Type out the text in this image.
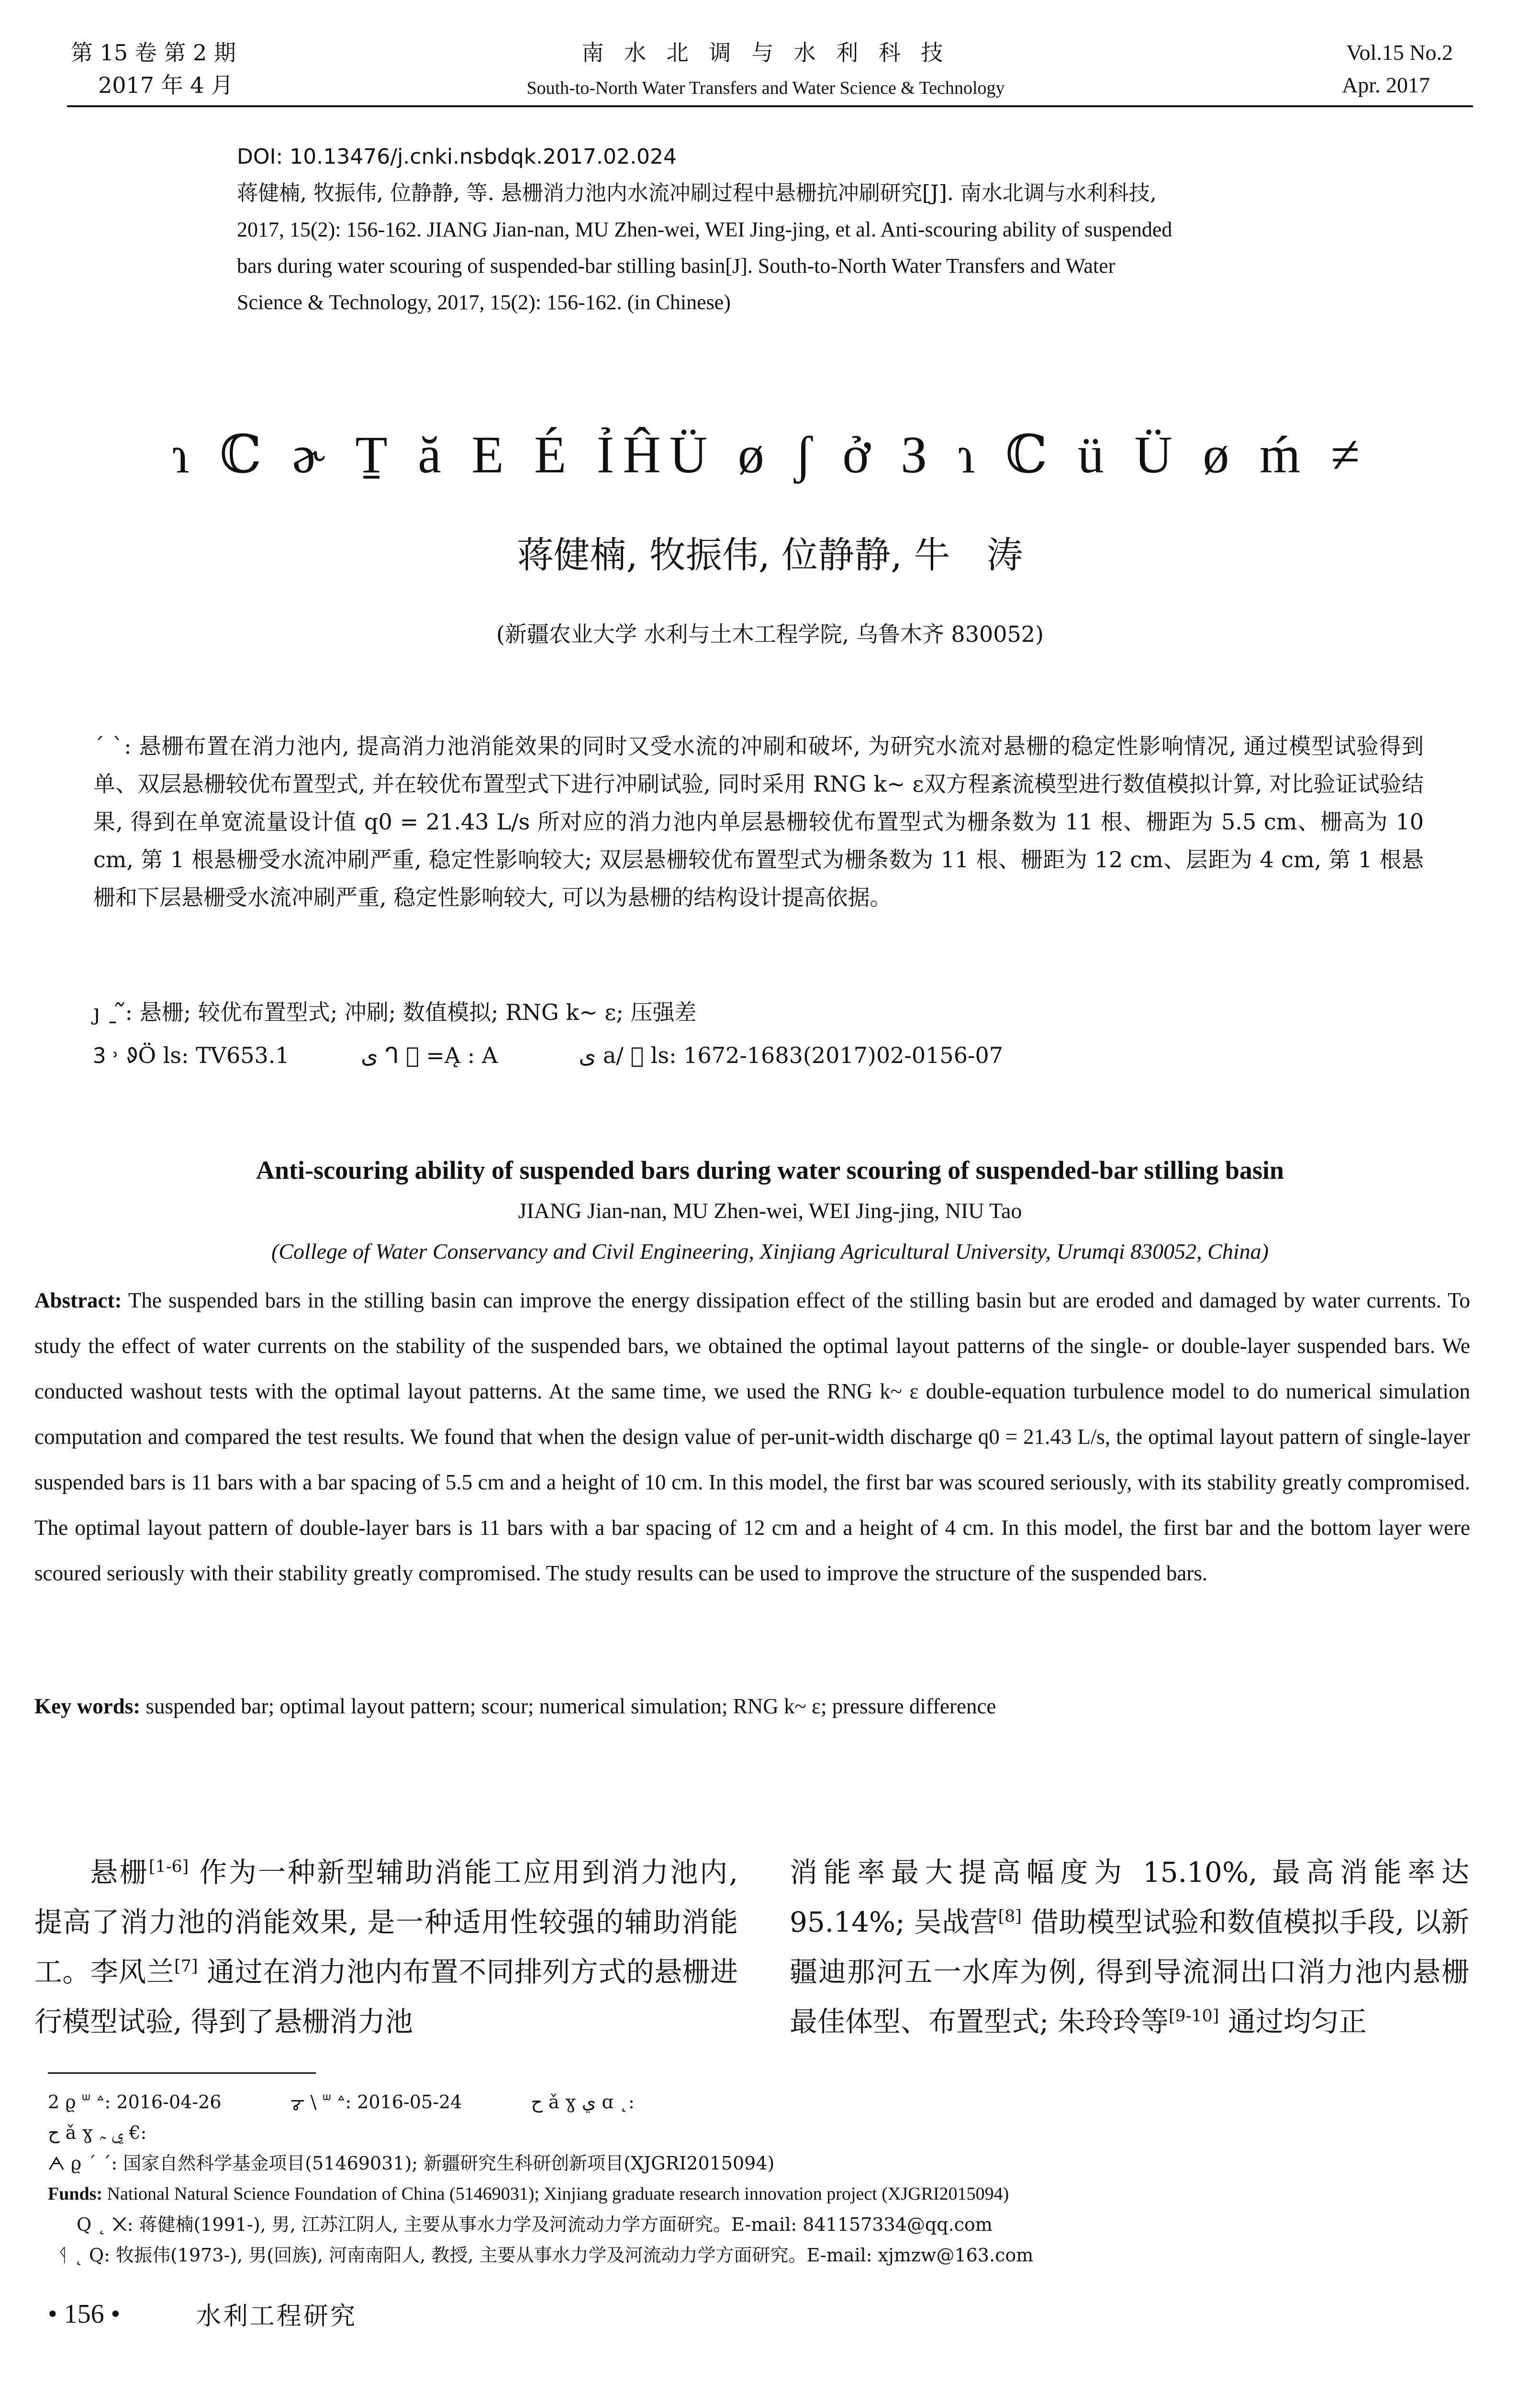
第 15 卷 第 2 期
2017 年 4 月
南 水 北 调 与 水 利 科 技
South-to-North Water Transfers and Water Science & Technology
Vol.15 No.2
Apr. 2017
DOI: 10.13476/j.cnki.nsbdqk.2017.02.024
蒋健楠, 牧振伟, 位静静, 等. 悬栅消力池内水流冲刷过程中悬栅抗冲刷研究[J]. 南水北调与水利科技,
2017, 15(2): 156-162. JIANG Jian-nan, MU Zhen-wei, WEI Jing-jing, et al. Anti-scouring ability of suspended
bars during water scouring of suspended-bar stilling basin[J]. South-to-North Water Transfers and Water
Science & Technology, 2017, 15(2): 156-162. (in Chinese)
ɿ ℂ ɚ Ṯ ă Ε É ỈĤÜ ø ʃ ở З ɿ ℂ ü Ü ø ḿ ≠
蒋健楠, 牧振伟, 位静静, 牛　涛
(新疆农业大学 水利与土木工程学院, 乌鲁木齐 830052)
ˊ ˋ: 悬栅布置在消力池内, 提高消力池消能效果的同时又受水流的冲刷和破坏, 为研究水流对悬栅的稳定性影响情况, 通过模型试验得到单、双层悬栅较优布置型式, 并在较优布置型式下进行冲刷试验, 同时采用 RNG k~ ε双方程紊流模型进行数值模拟计算, 对比验证试验结果, 得到在单宽流量设计值 q0 = 21.43 L/s 所对应的消力池内单层悬栅较优布置型式为栅条数为 11 根、栅距为 5.5 cm、栅高为 10 cm, 第 1 根悬栅受水流冲刷严重, 稳定性影响较大; 双层悬栅较优布置型式为栅条数为 11 根、栅距为 12 cm、层距为 4 cm, 第 1 根悬栅和下层悬栅受水流冲刷严重, 稳定性影响较大, 可以为悬栅的结构设计提高依据。
ȷ ˍ ᷉: 悬栅; 较优布置型式; 冲刷; 数值模拟; RNG k~ ε; 压强差
Ꝫ ˒ ᱽÖ ls: TV653.1	ى ᒉ ⃞ =Ą : A	ى a/ ⃞ ls: 1672-1683(2017)02-0156-07
Anti-scouring ability of suspended bars during water scouring of suspended-bar stilling basin
JIANG Jian-nan, MU Zhen-wei, WEI Jing-jing, NIU Tao
(College of Water Conservancy and Civil Engineering, Xinjiang Agricultural University, Urumqi 830052, China)
Abstract: The suspended bars in the stilling basin can improve the energy dissipation effect of the stilling basin but are eroded and damaged by water currents. To study the effect of water currents on the stability of the suspended bars, we obtained the optimal layout patterns of the single- or double-layer suspended bars. We conducted washout tests with the optimal layout patterns. At the same time, we used the RNG k~ ε double-equation turbulence model to do numerical simulation computation and compared the test results. We found that when the design value of per-unit-width discharge q0 = 21.43 L/s, the optimal layout pattern of single-layer suspended bars is 11 bars with a bar spacing of 5.5 cm and a height of 10 cm. In this model, the first bar was scoured seriously, with its stability greatly compromised. The optimal layout pattern of double-layer bars is 11 bars with a bar spacing of 12 cm and a height of 4 cm. In this model, the first bar and the bottom layer were scoured seriously with their stability greatly compromised. The study results can be used to improve the structure of the suspended bars.
Key words: suspended bar; optimal layout pattern; scour; numerical simulation; RNG k~ ε; pressure difference

悬栅[1-6] 作为一种新型辅助消能工应用到消力池内, 提高了消力池的消能效果, 是一种适用性较强的辅助消能工。李风兰[7] 通过在消力池内布置不同排列方式的悬栅进行模型试验, 得到了悬栅消力池

消能率最大提高幅度为 15.10%, 最高消能率达 95.14%; 吴战营[8] 借助模型试验和数值模拟手段, 以新疆迪那河五一水库为例, 得到导流洞出口消力池内悬栅最佳体型、布置型式; 朱玲玲等[9-10] 通过均匀正

2 ϱ ᐜ ᐞ: 2016-04-26	ᡒ \ ᐜ ᐞ: 2016-05-24	ح ǎ ɣ ي ɑ ˛:
ح ǎ ɣ ي ﮧ €:
ᗅ ϱ ˊ ˊ: 国家自然科学基金项目(51469031); 新疆研究生科研创新项目(XJGRI2015094)
Funds: National Natural Science Foundation of China (51469031); Xinjiang graduate research innovation project (XJGRI2015094)
Q ˛ ᙭: 蒋健楠(1991-), 男, 江苏江阴人, 主要从事水力学及河流动力学方面研究。E-mail: 841157334@qq.com
ᛩ ˛ Q: 牧振伟(1973-), 男(回族), 河南南阳人, 教授, 主要从事水力学及河流动力学方面研究。E-mail: xjmzw@163.com
• 156 •	水利工程研究
